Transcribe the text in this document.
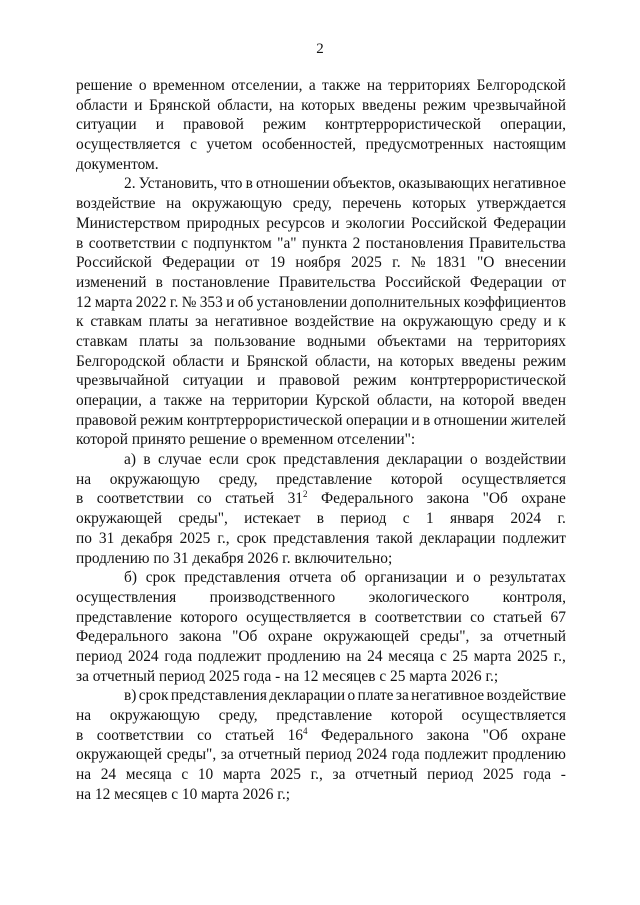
2
решение о временном отселении, а также на территориях Белгородской
области и Брянской области, на которых введены режим чрезвычайной
ситуации и правовой режим контртеррористической операции,
осуществляется с учетом особенностей, предусмотренных настоящим
документом.
2. Установить, что в отношении объектов, оказывающих негативное
воздействие на окружающую среду, перечень которых утверждается
Министерством природных ресурсов и экологии Российской Федерации
в соответствии с подпунктом "а" пункта 2 постановления Правительства
Российской Федерации от 19 ноября 2025 г. № 1831 "О внесении
изменений в постановление Правительства Российской Федерации от
12 марта 2022 г. № 353 и об установлении дополнительных коэффициентов
к ставкам платы за негативное воздействие на окружающую среду и к
ставкам платы за пользование водными объектами на территориях
Белгородской области и Брянской области, на которых введены режим
чрезвычайной ситуации и правовой режим контртеррористической
операции, а также на территории Курской области, на которой введен
правовой режим контртеррористической операции и в отношении жителей
которой принято решение о временном отселении":
а) в случае если срок представления декларации о воздействии
на окружающую среду, представление которой осуществляется
в соответствии со статьей $31^2$ Федерального закона "Об охране
окружающей среды", истекает в период с 1 января 2024 г.
по 31 декабря 2025 г., срок представления такой декларации подлежит
продлению по 31 декабря 2026 г. включительно;
б) срок представления отчета об организации и о результатах
осуществления производственного экологического контроля,
представление которого осуществляется в соответствии со статьей 67
Федерального закона "Об охране окружающей среды", за отчетный
период 2024 года подлежит продлению на 24 месяца с 25 марта 2025 г.,
за отчетный период 2025 года - на 12 месяцев с 25 марта 2026 г.;
в) срок представления декларации о плате за негативное воздействие
на окружающую среду, представление которой осуществляется
в соответствии со статьей $16^4$ Федерального закона "Об охране
окружающей среды", за отчетный период 2024 года подлежит продлению
на 24 месяца с 10 марта 2025 г., за отчетный период 2025 года -
на 12 месяцев с 10 марта 2026 г.;
